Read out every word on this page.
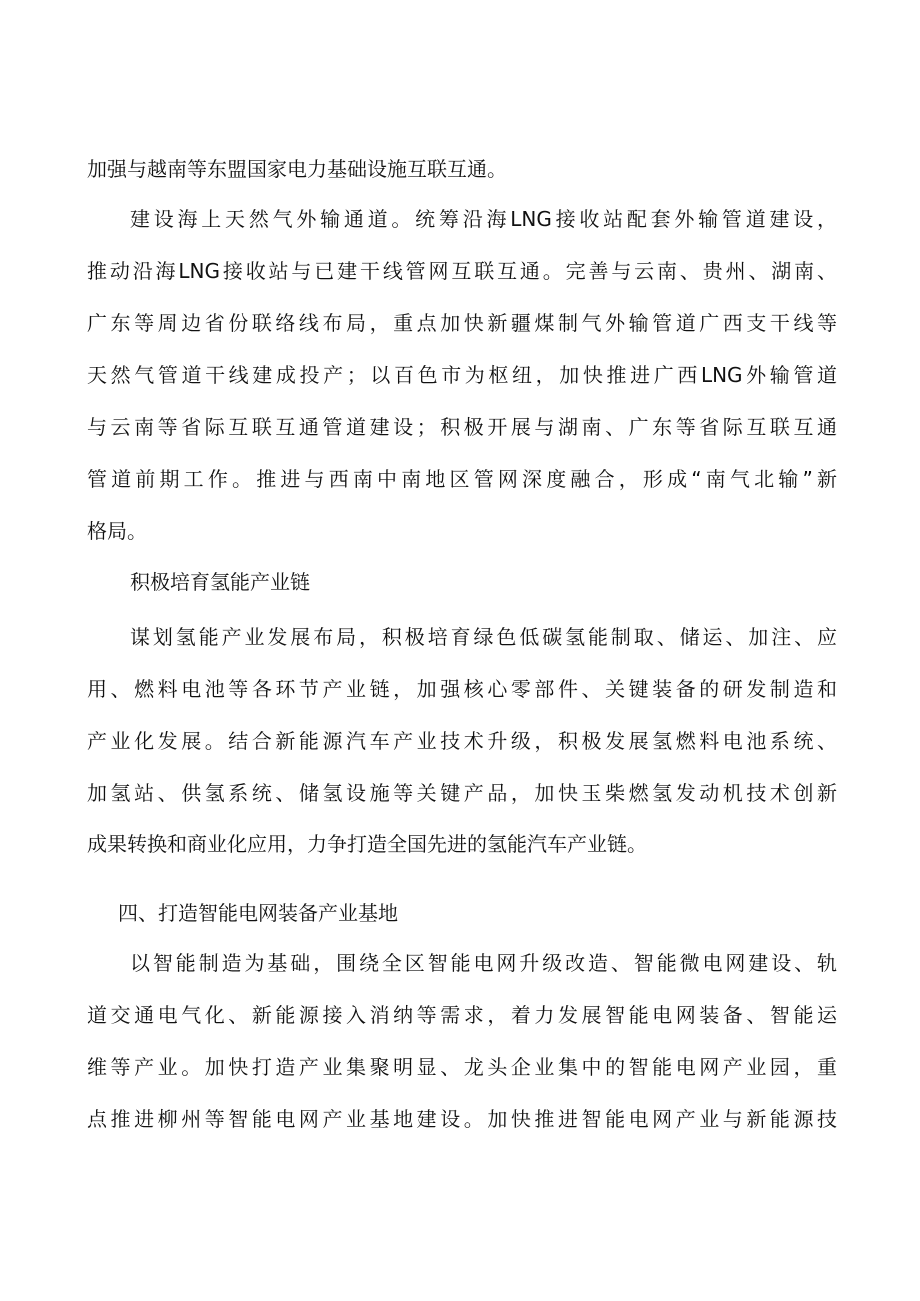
加强与越南等东盟国家电力基础设施互联互通。

建设海上天然气外输通道。统筹沿海LNG接收站配套外输管道建设，

推动沿海LNG接收站与已建干线管网互联互通。完善与云南、贵州、湖南、

广东等周边省份联络线布局，重点加快新疆煤制气外输管道广西支干线等

天然气管道干线建成投产；以百色市为枢纽，加快推进广西LNG外输管道

与云南等省际互联互通管道建设；积极开展与湖南、广东等省际互联互通

管道前期工作。推进与西南中南地区管网深度融合，形成“南气北输”新

格局。

积极培育氢能产业链

谋划氢能产业发展布局，积极培育绿色低碳氢能制取、储运、加注、应

用、燃料电池等各环节产业链，加强核心零部件、关键装备的研发制造和

产业化发展。结合新能源汽车产业技术升级，积极发展氢燃料电池系统、

加氢站、供氢系统、储氢设施等关键产品，加快玉柴燃氢发动机技术创新

成果转换和商业化应用，力争打造全国先进的氢能汽车产业链。

四、打造智能电网装备产业基地

以智能制造为基础，围绕全区智能电网升级改造、智能微电网建设、轨

道交通电气化、新能源接入消纳等需求，着力发展智能电网装备、智能运

维等产业。加快打造产业集聚明显、龙头企业集中的智能电网产业园，重

点推进柳州等智能电网产业基地建设。加快推进智能电网产业与新能源技
